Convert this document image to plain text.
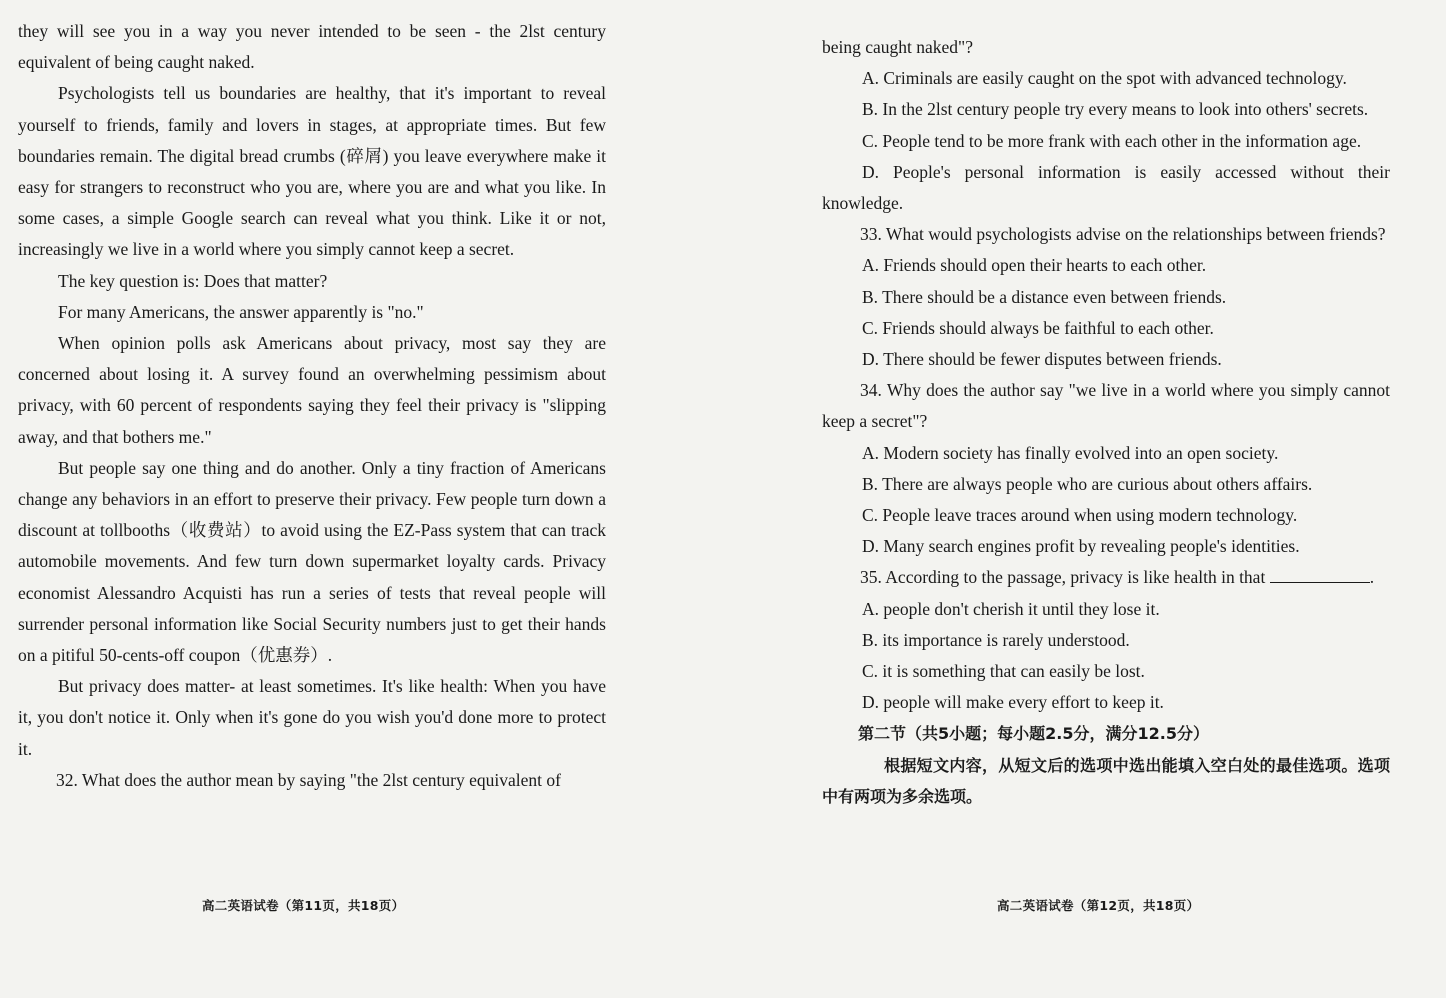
they will see you in a way you never intended to be seen - the 2lst century equivalent of being caught naked.

Psychologists tell us boundaries are healthy, that it's important to reveal yourself to friends, family and lovers in stages, at appropriate times. But few boundaries remain. The digital bread crumbs (碎屑) you leave everywhere make it easy for strangers to reconstruct who you are, where you are and what you like. In some cases, a simple Google search can reveal what you think. Like it or not, increasingly we live in a world where you simply cannot keep a secret.

The key question is: Does that matter?

For many Americans, the answer apparently is "no."

When opinion polls ask Americans about privacy, most say they are concerned about losing it. A survey found an overwhelming pessimism about privacy, with 60 percent of respondents saying they feel their privacy is "slipping away, and that bothers me."

But people say one thing and do another. Only a tiny fraction of Americans change any behaviors in an effort to preserve their privacy. Few people turn down a discount at tollbooths（收费站）to avoid using the EZ-Pass system that can track automobile movements. And few turn down supermarket loyalty cards. Privacy economist Alessandro Acquisti has run a series of tests that reveal people will surrender personal information like Social Security numbers just to get their hands on a pitiful 50-cents-off coupon（优惠券）.

But privacy does matter- at least sometimes. It's like health: When you have it, you don't notice it. Only when it's gone do you wish you'd done more to protect it.

32. What does the author mean by saying "the 2lst century equivalent of

高二英语试卷（第11页，共18页）

being caught naked"?

A. Criminals are easily caught on the spot with advanced technology.

B. In the 2lst century people try every means to look into others' secrets.

C. People tend to be more frank with each other in the information age.

D. People's personal information is easily accessed without their knowledge.

33. What would psychologists advise on the relationships between friends?

A. Friends should open their hearts to each other.

B. There should be a distance even between friends.

C. Friends should always be faithful to each other.

D. There should be fewer disputes between friends.

34. Why does the author say "we live in a world where you simply cannot keep a secret"?

A. Modern society has finally evolved into an open society.

B. There are always people who are curious about others affairs.

C. People leave traces around when using modern technology.

D. Many search engines profit by revealing people's identities.

35. According to the passage, privacy is like health in that	.

A. people don't cherish it until they lose it.

B. its importance is rarely understood.

C. it is something that can easily be lost.

D. people will make every effort to keep it.

第二节（共5小题；每小题2.5分，满分12.5分）

根据短文内容，从短文后的选项中选出能填入空白处的最佳选项。选项中有两项为多余选项。

高二英语试卷（第12页，共18页）
